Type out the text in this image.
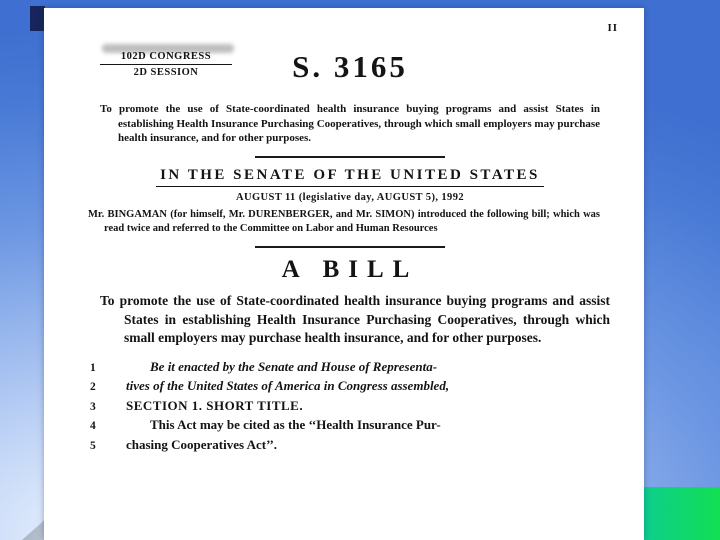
II
102D CONGRESS
2D SESSION	S. 3165
To promote the use of State-coordinated health insurance buying programs and assist States in establishing Health Insurance Purchasing Cooperatives, through which small employers may purchase health insurance, and for other purposes.
IN THE SENATE OF THE UNITED STATES
AUGUST 11 (legislative day, AUGUST 5), 1992
Mr. BINGAMAN (for himself, Mr. DURENBERGER, and Mr. SIMON) introduced the following bill; which was read twice and referred to the Committee on Labor and Human Resources
A BILL
To promote the use of State-coordinated health insurance buying programs and assist States in establishing Health Insurance Purchasing Cooperatives, through which small employers may purchase health insurance, and for other purposes.
1	Be it enacted by the Senate and House of Representa-
2	tives of the United States of America in Congress assembled,
3	SECTION 1. SHORT TITLE.
4	This Act may be cited as the ‘‘Health Insurance Pur-
5	chasing Cooperatives Act’’.
